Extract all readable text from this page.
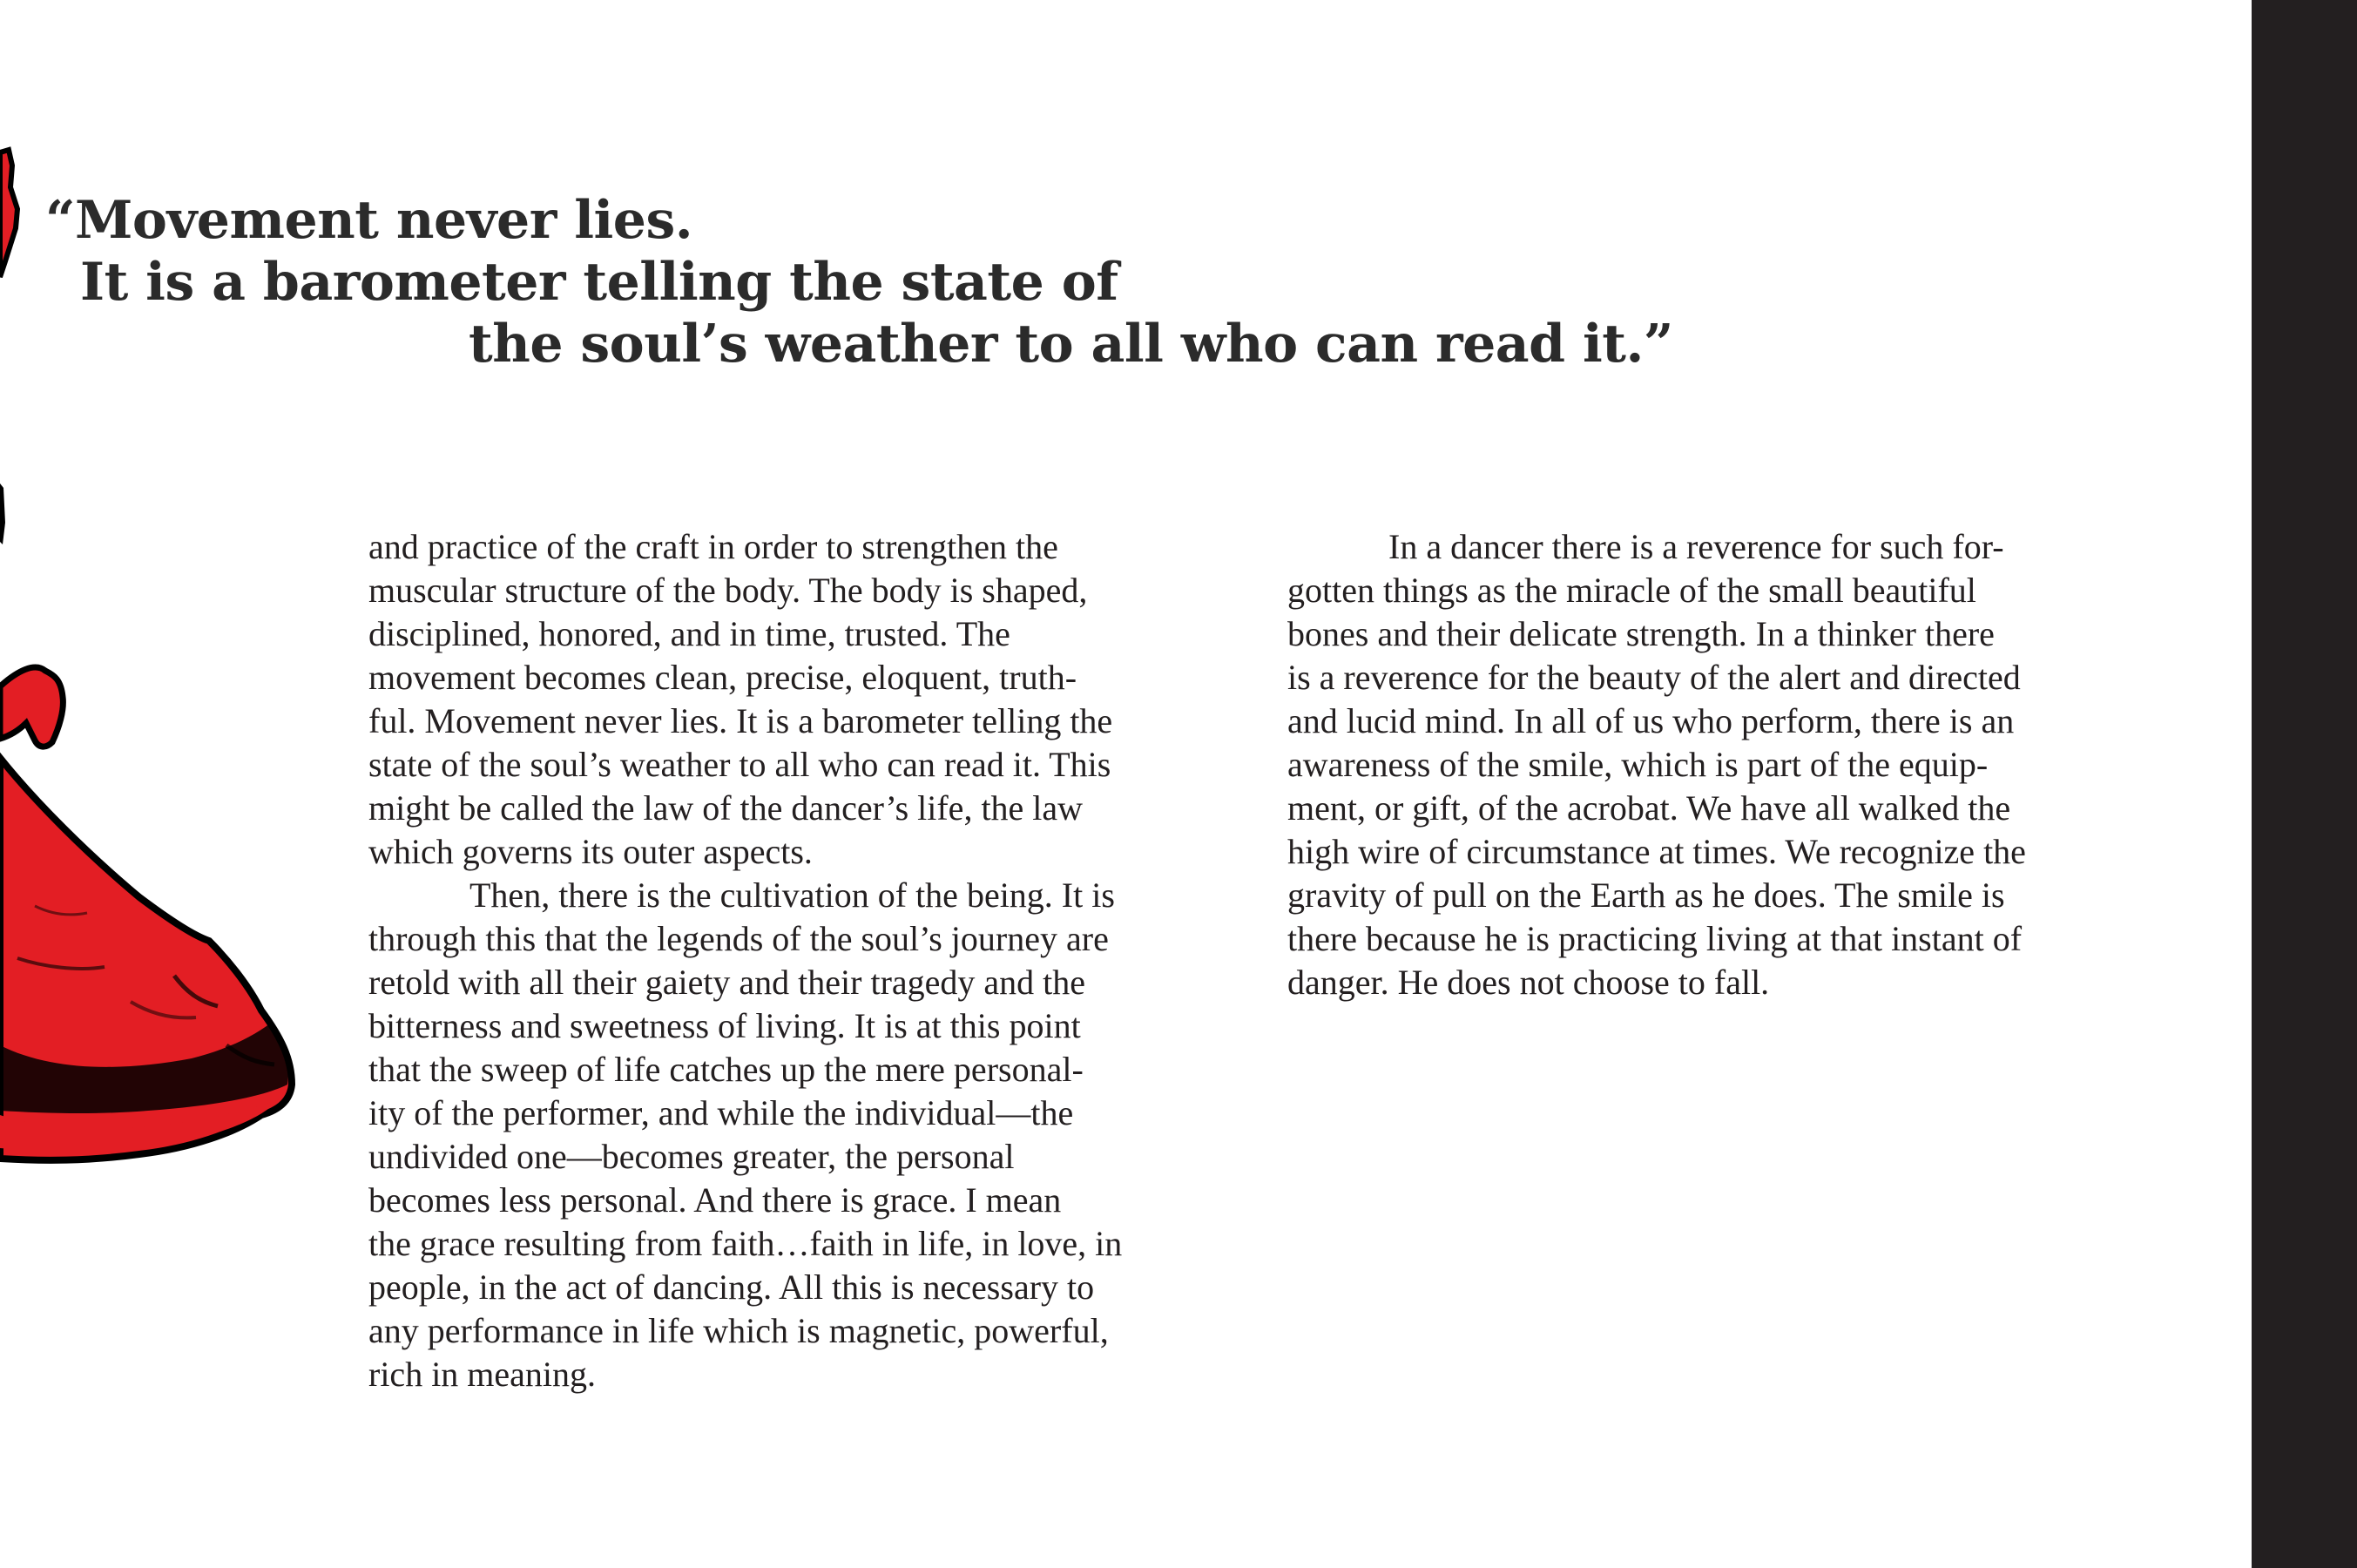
“Movement never lies.
It is a barometer telling the state of
the soul’s weather to all who can read it.”
and practice of the craft in order to strengthen the
muscular structure of the body. The body is shaped,
disciplined, honored, and in time, trusted. The
movement becomes clean, precise, eloquent, truth-
ful. Movement never lies. It is a barometer telling the
state of the soul’s weather to all who can read it. This
might be called the law of the dancer’s life, the law
which governs its outer aspects.
Then, there is the cultivation of the being. It is
through this that the legends of the soul’s journey are
retold with all their gaiety and their tragedy and the
bitterness and sweetness of living. It is at this point
that the sweep of life catches up the mere personal-
ity of the performer, and while the individual—the
undivided one—becomes greater, the personal
becomes less personal. And there is grace. I mean
the grace resulting from faith…faith in life, in love, in
people, in the act of dancing. All this is necessary to
any performance in life which is magnetic, powerful,
rich in meaning.
In a dancer there is a reverence for such for-
gotten things as the miracle of the small beautiful
bones and their delicate strength. In a thinker there
is a reverence for the beauty of the alert and directed
and lucid mind. In all of us who perform, there is an
awareness of the smile, which is part of the equip-
ment, or gift, of the acrobat. We have all walked the
high wire of circumstance at times. We recognize the
gravity of pull on the Earth as he does. The smile is
there because he is practicing living at that instant of
danger. He does not choose to fall.
